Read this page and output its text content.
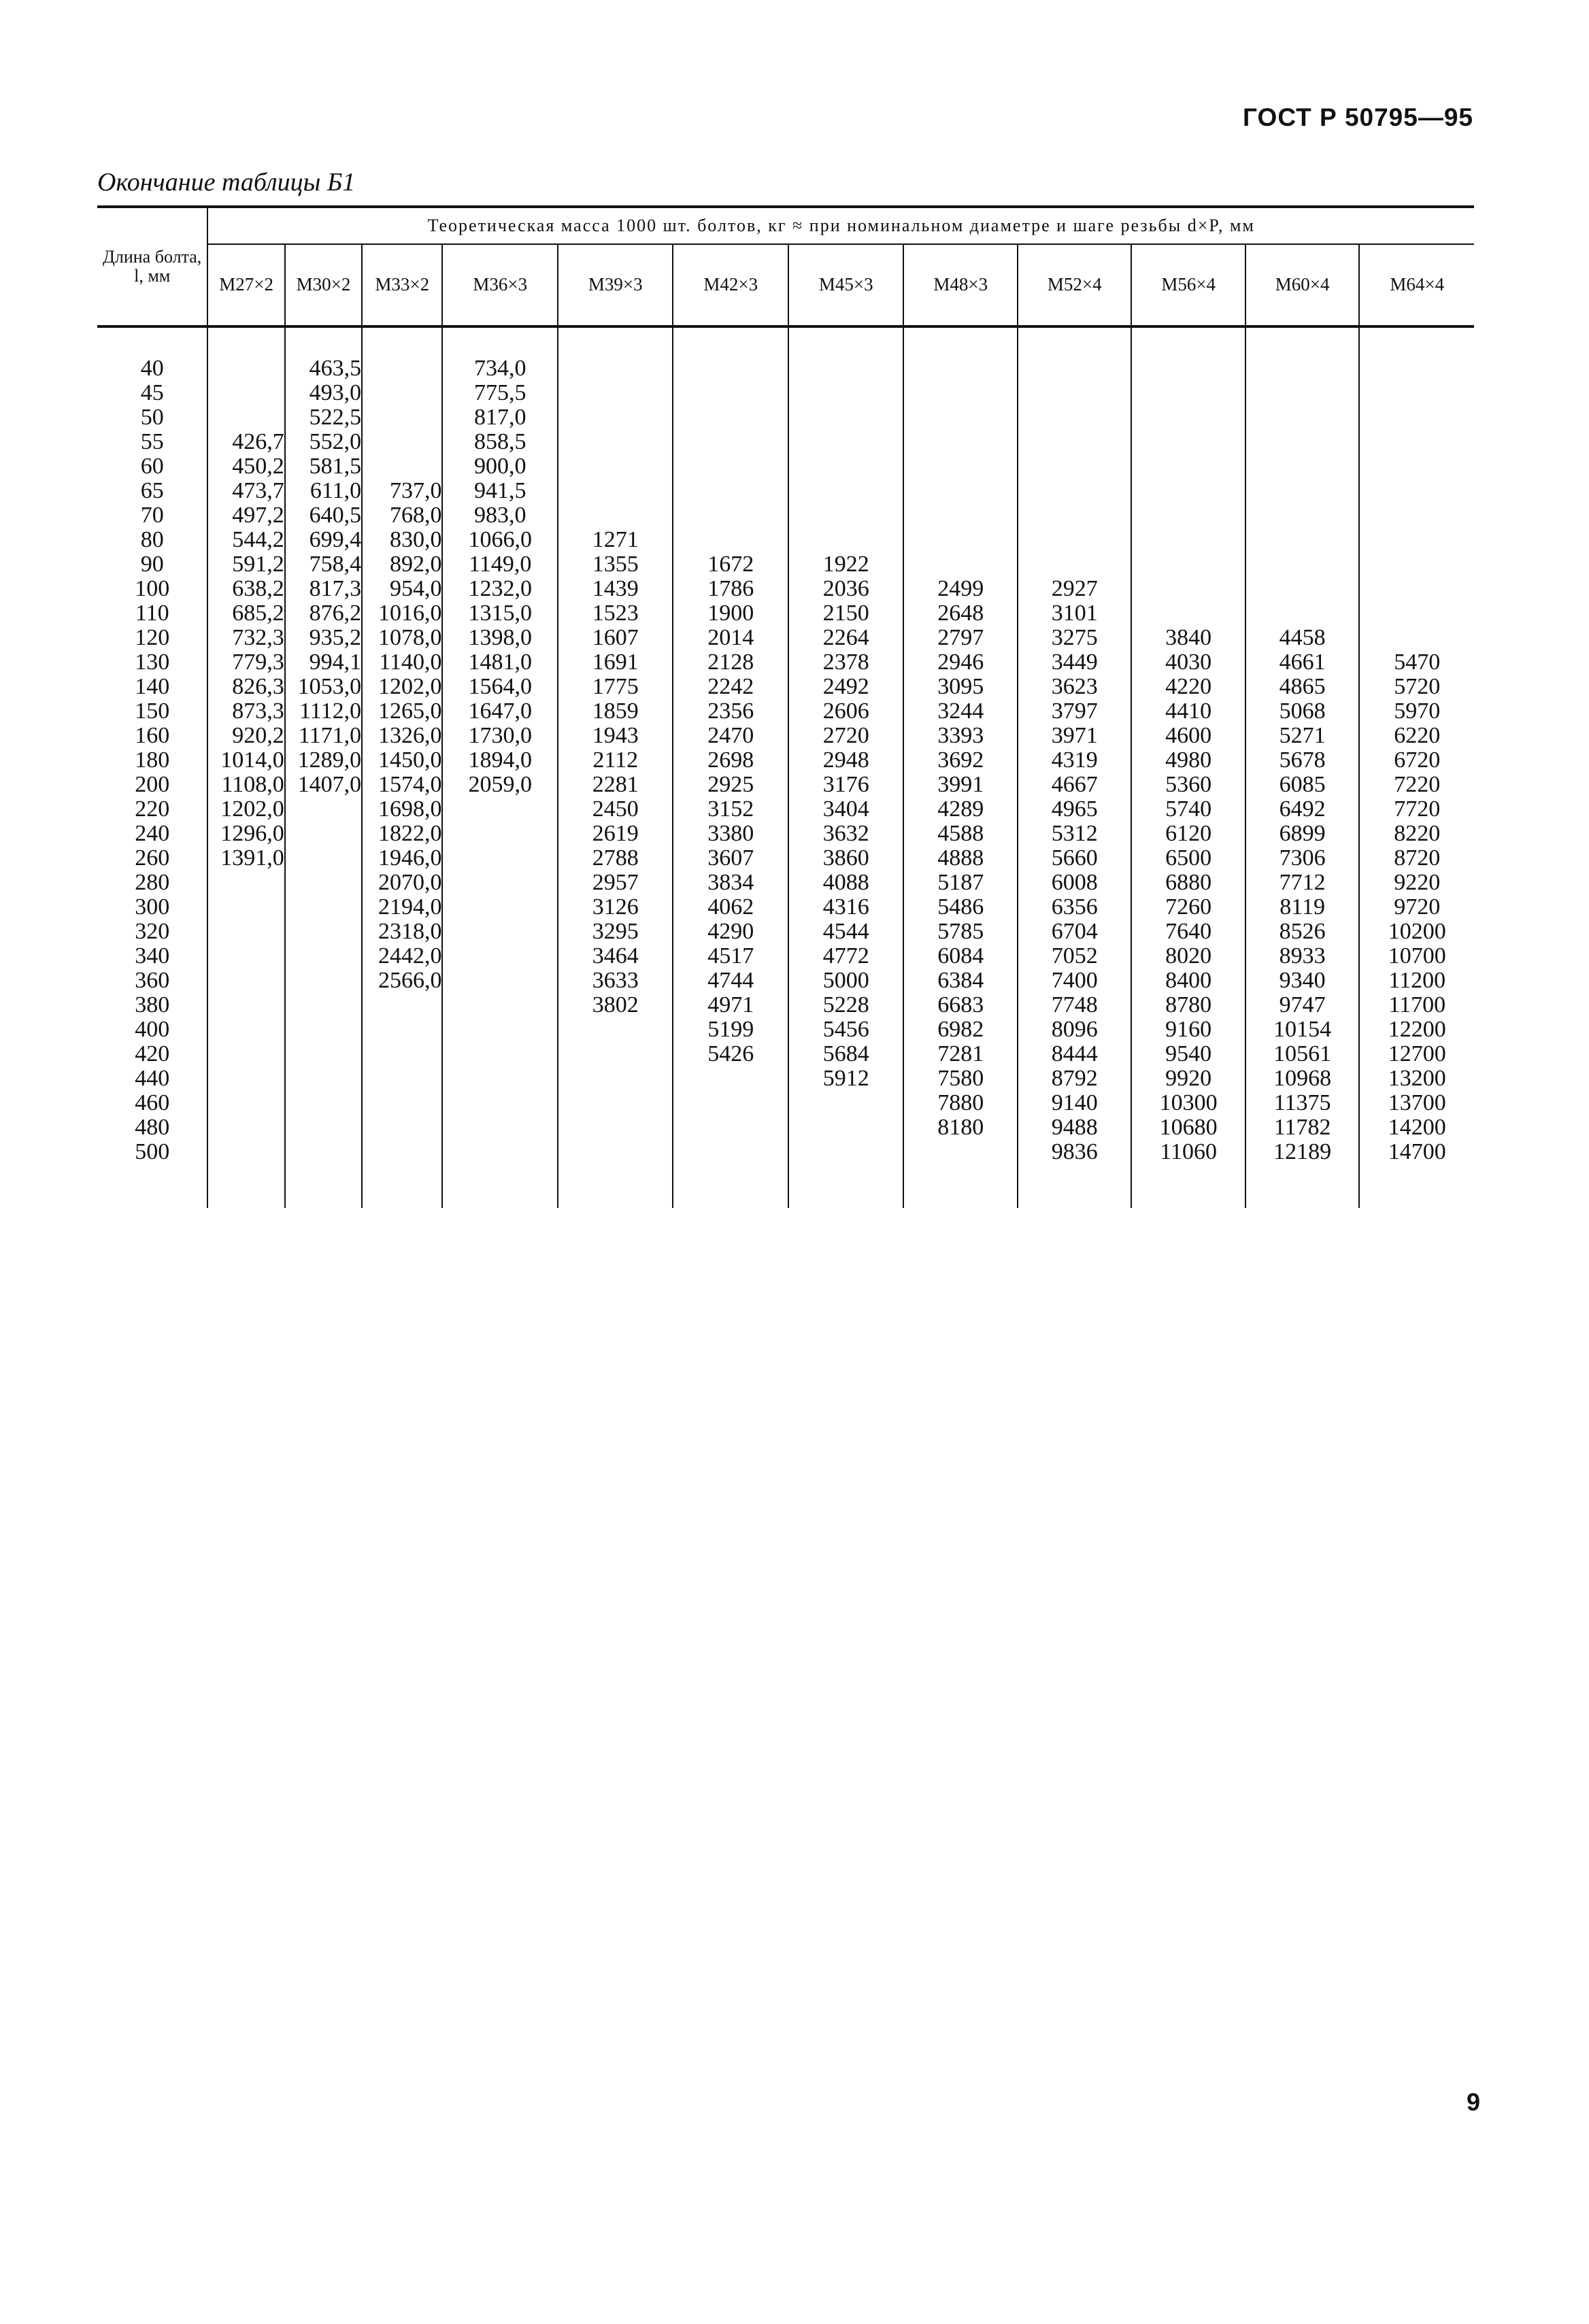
ГОСТ Р 50795—95
Окончание таблицы Б1
Длина болта, l, мм	Теоретическая масса 1000 шт. болтов, кг ≈ при номинальном диаметре и шаге резьбы d×P, мм											
	М27×2	М30×2	М33×2	М36×3	М39×3	М42×3	М45×3	М48×3	М52×4	М56×4	М60×4	М64×4

40		463,5		734,0								
45		493,0		775,5								
50		522,5		817,0								
55	426,7	552,0		858,5								
60	450,2	581,5		900,0								
65	473,7	611,0	737,0	941,5								
70	497,2	640,5	768,0	983,0								
80	544,2	699,4	830,0	1066,0	1271							
90	591,2	758,4	892,0	1149,0	1355	1672	1922					
100	638,2	817,3	954,0	1232,0	1439	1786	2036	2499	2927			
110	685,2	876,2	1016,0	1315,0	1523	1900	2150	2648	3101			
120	732,3	935,2	1078,0	1398,0	1607	2014	2264	2797	3275	3840	4458	
130	779,3	994,1	1140,0	1481,0	1691	2128	2378	2946	3449	4030	4661	5470
140	826,3	1053,0	1202,0	1564,0	1775	2242	2492	3095	3623	4220	4865	5720
150	873,3	1112,0	1265,0	1647,0	1859	2356	2606	3244	3797	4410	5068	5970
160	920,2	1171,0	1326,0	1730,0	1943	2470	2720	3393	3971	4600	5271	6220
180	1014,0	1289,0	1450,0	1894,0	2112	2698	2948	3692	4319	4980	5678	6720
200	1108,0	1407,0	1574,0	2059,0	2281	2925	3176	3991	4667	5360	6085	7220
220	1202,0		1698,0		2450	3152	3404	4289	4965	5740	6492	7720
240	1296,0		1822,0		2619	3380	3632	4588	5312	6120	6899	8220
260	1391,0		1946,0		2788	3607	3860	4888	5660	6500	7306	8720
280			2070,0		2957	3834	4088	5187	6008	6880	7712	9220
300			2194,0		3126	4062	4316	5486	6356	7260	8119	9720
320			2318,0		3295	4290	4544	5785	6704	7640	8526	10200
340			2442,0		3464	4517	4772	6084	7052	8020	8933	10700
360			2566,0		3633	4744	5000	6384	7400	8400	9340	11200
380					3802	4971	5228	6683	7748	8780	9747	11700
400						5199	5456	6982	8096	9160	10154	12200
420						5426	5684	7281	8444	9540	10561	12700
440							5912	7580	8792	9920	10968	13200
460								7880	9140	10300	11375	13700
480								8180	9488	10680	11782	14200
500									9836	11060	12189	14700

9
